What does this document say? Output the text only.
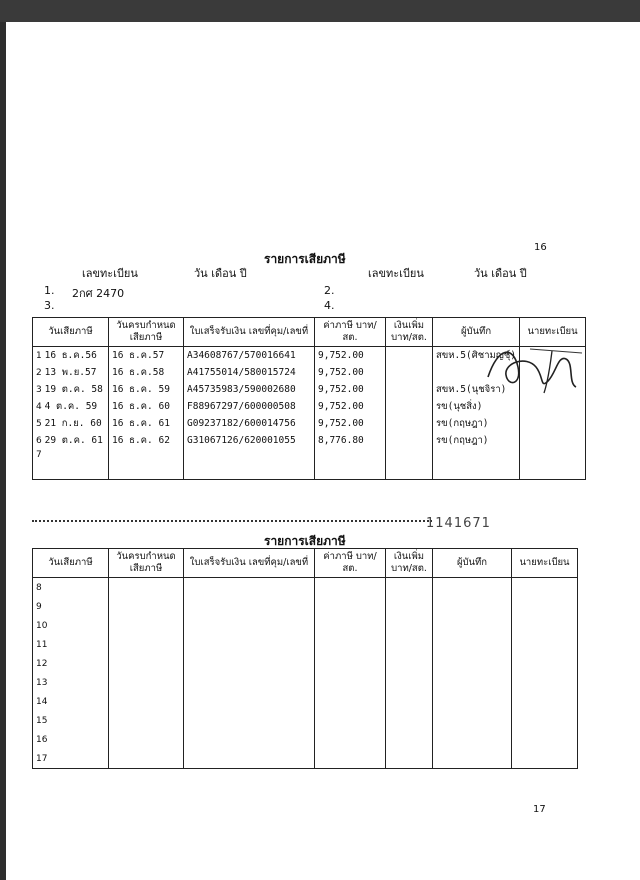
16
รายการเสียภาษี
เลขทะเบียน	วัน เดือน ปี	เลขทะเบียน	วัน เดือน ปี
1. 2กศ 2470	2.
3.	4.
วันเสียภาษี	วันครบกำหนด เสียภาษี	ใบเสร็จรับเงิน เลขที่คุม/เลขที่	ค่าภาษี บาท/สต.	เงินเพิ่ม บาท/สต.	ผู้บันทึก	นายทะเบียน
1 16 ธ.ค.56	16 ธ.ค.57	A34608767/570016641	9,752.00		สขห.5(ศิชามญชุ์)	
2 13 พ.ย.57	16 ธ.ค.58	A41755014/580015724	9,752.00			
3 19 ต.ค. 58	16 ธ.ค. 59	A45735983/590002680	9,752.00		สขห.5(นุชจิรา)	
4 4 ต.ค. 59	16 ธ.ค. 60	F88967297/600000508	9,752.00		รข(นุชสิ่ง)	
5 21 ก.ย. 60	16 ธ.ค. 61	G09237182/600014756	9,752.00		รข(กฤษฎา)	
6 29 ต.ค. 61	16 ธ.ค. 62	G31067126/620001055	8,776.80		รข(กฤษฎา)	
7						
1141671
รายการเสียภาษี
วันเสียภาษี	วันครบกำหนด เสียภาษี	ใบเสร็จรับเงิน เลขที่คุม/เลขที่	ค่าภาษี บาท/สต.	เงินเพิ่ม บาท/สต.	ผู้บันทึก	นายทะเบียน
8						
9						
10						
11						
12						
13						
14						
15						
16						
17						
17
